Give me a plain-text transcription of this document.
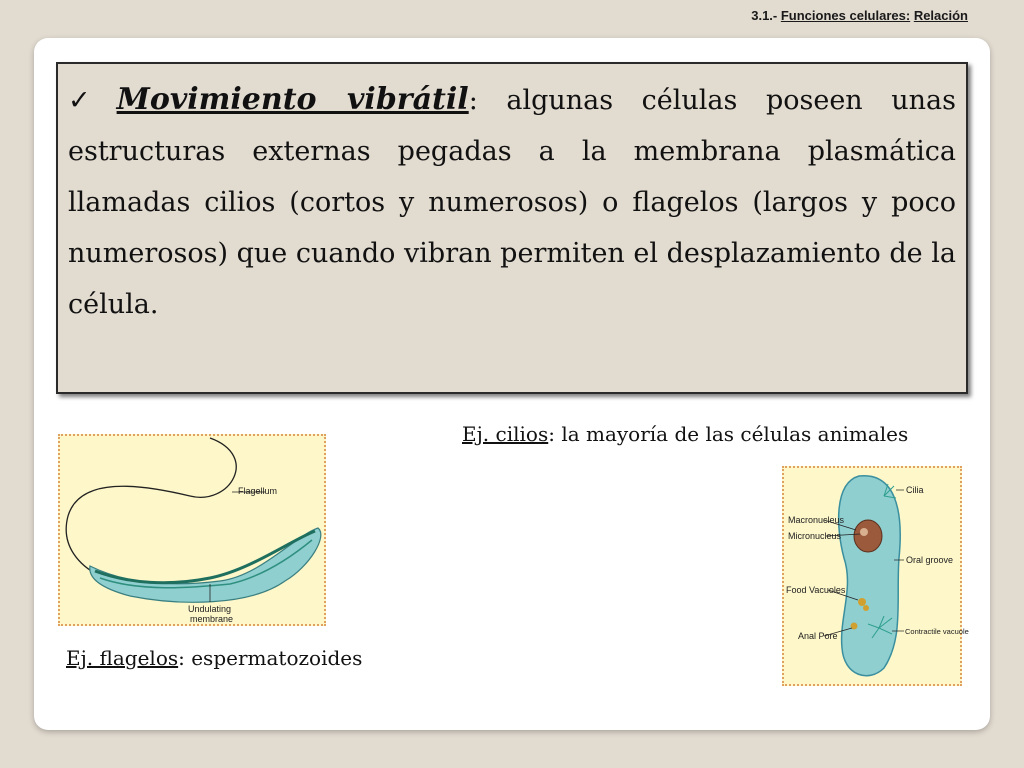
3.1.- Funciones celulares: Relación
✓ Movimiento vibrátil: algunas células poseen unas estructuras externas pegadas a la membrana plasmática llamadas cilios (cortos y numerosos) o flagelos (largos y poco numerosos) que cuando vibran permiten el desplazamiento de la célula.
Ej. cilios: la mayoría de las células animales
Ej. flagelos: espermatozoides
Flagellum
Undulating
membrane
Cilia
Macronucleus
Micronucleus
Oral groove
Food Vacuoles
Anal Pore	Contractile vacuole
